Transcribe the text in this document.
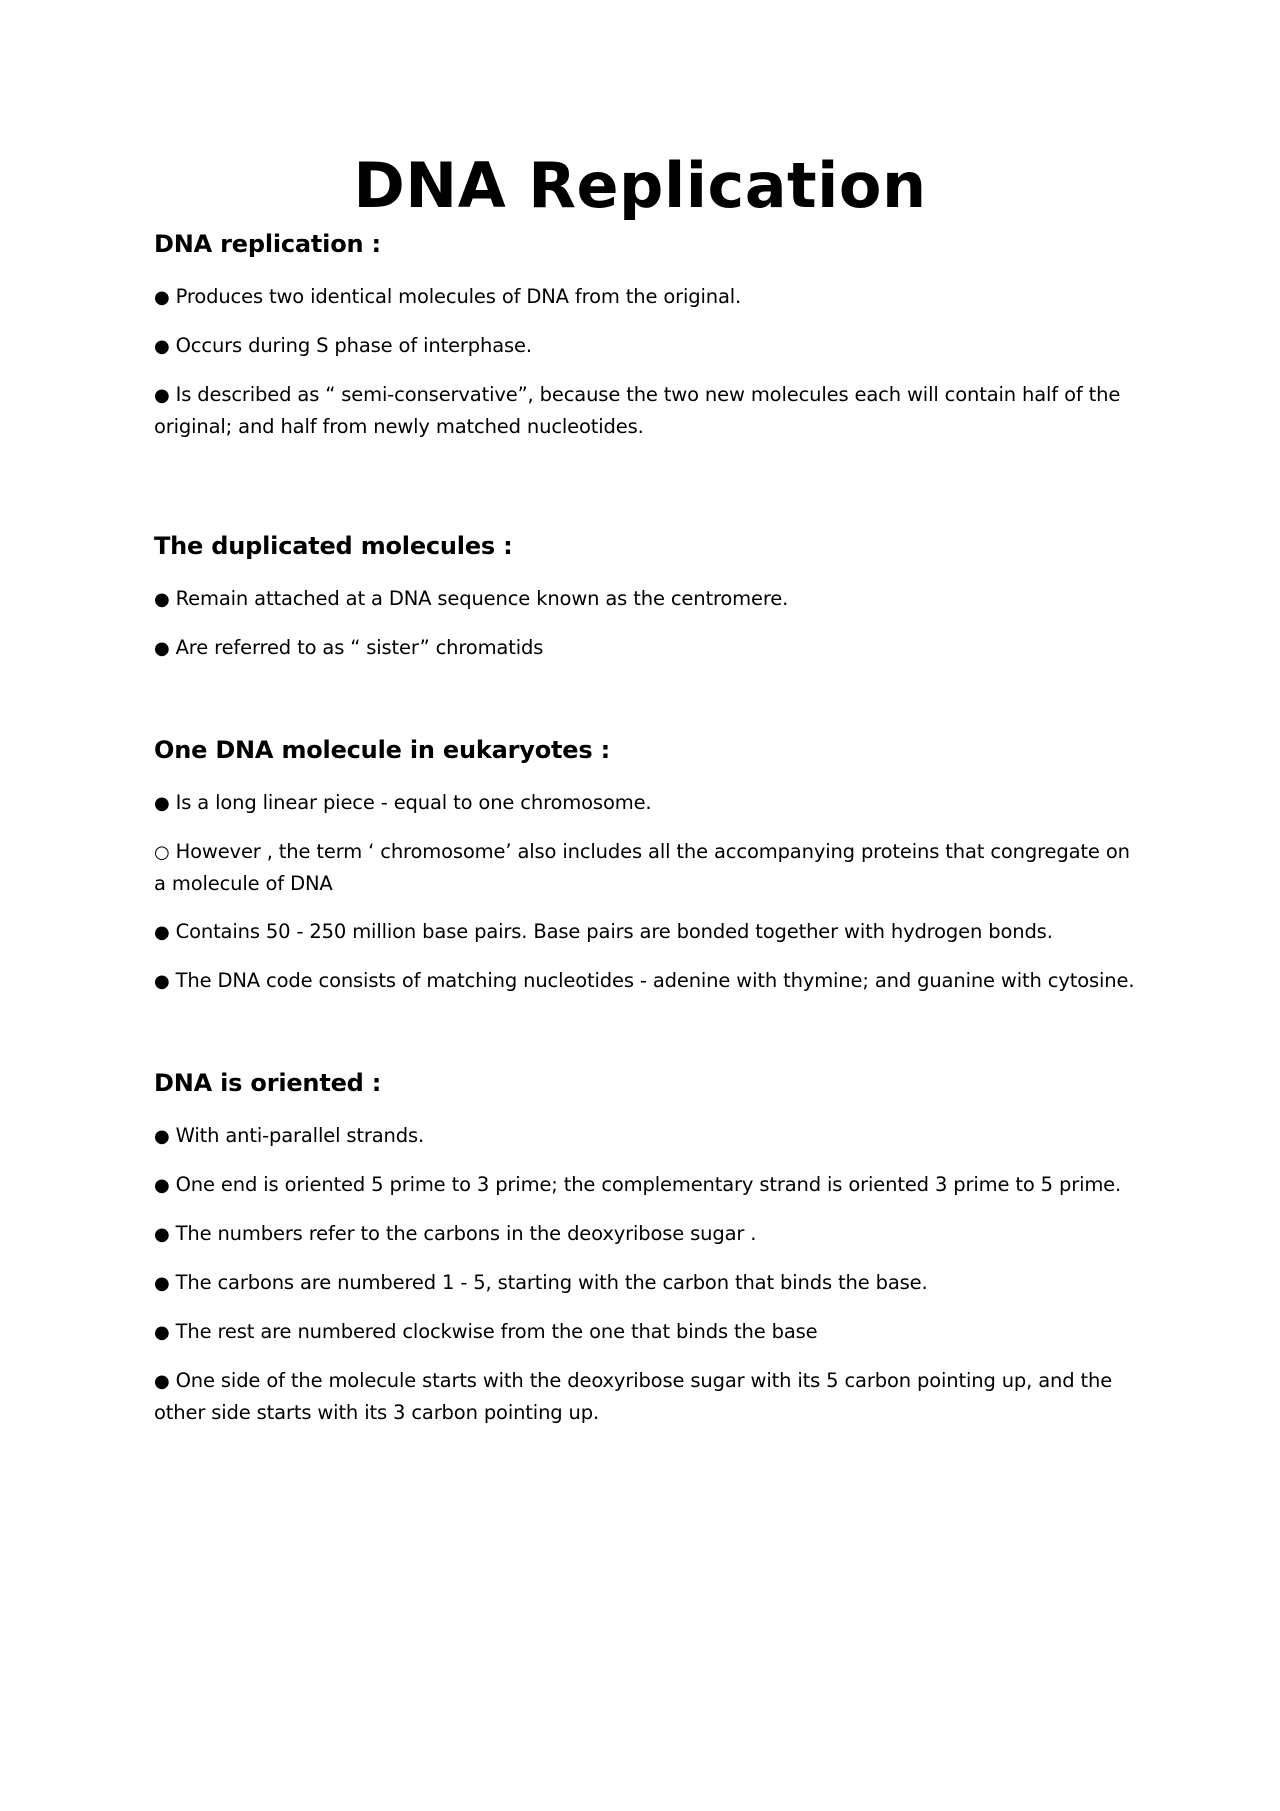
DNA Replication
DNA replication :

● Produces two identical molecules of DNA from the original.

● Occurs during S phase of interphase.

● Is described as “ semi-conservative”, because the two new molecules each will contain half of the original; and half from newly matched nucleotides.

The duplicated molecules :

● Remain attached at a DNA sequence known as the centromere.

● Are referred to as “ sister” chromatids

One DNA molecule in eukaryotes :

● Is a long linear piece - equal to one chromosome.

○ However , the term ‘ chromosome’ also includes all the accompanying proteins that congregate on a molecule of DNA

● Contains 50 - 250 million base pairs. Base pairs are bonded together with hydrogen bonds.

● The DNA code consists of matching nucleotides - adenine with thymine; and guanine with cytosine.

DNA is oriented :

● With anti-parallel strands.

● One end is oriented 5 prime to 3 prime; the complementary strand is oriented 3 prime to 5 prime.

● The numbers refer to the carbons in the deoxyribose sugar .

● The carbons are numbered 1 - 5, starting with the carbon that binds the base.

● The rest are numbered clockwise from the one that binds the base

● One side of the molecule starts with the deoxyribose sugar with its 5 carbon pointing up, and the other side starts with its 3 carbon pointing up.
